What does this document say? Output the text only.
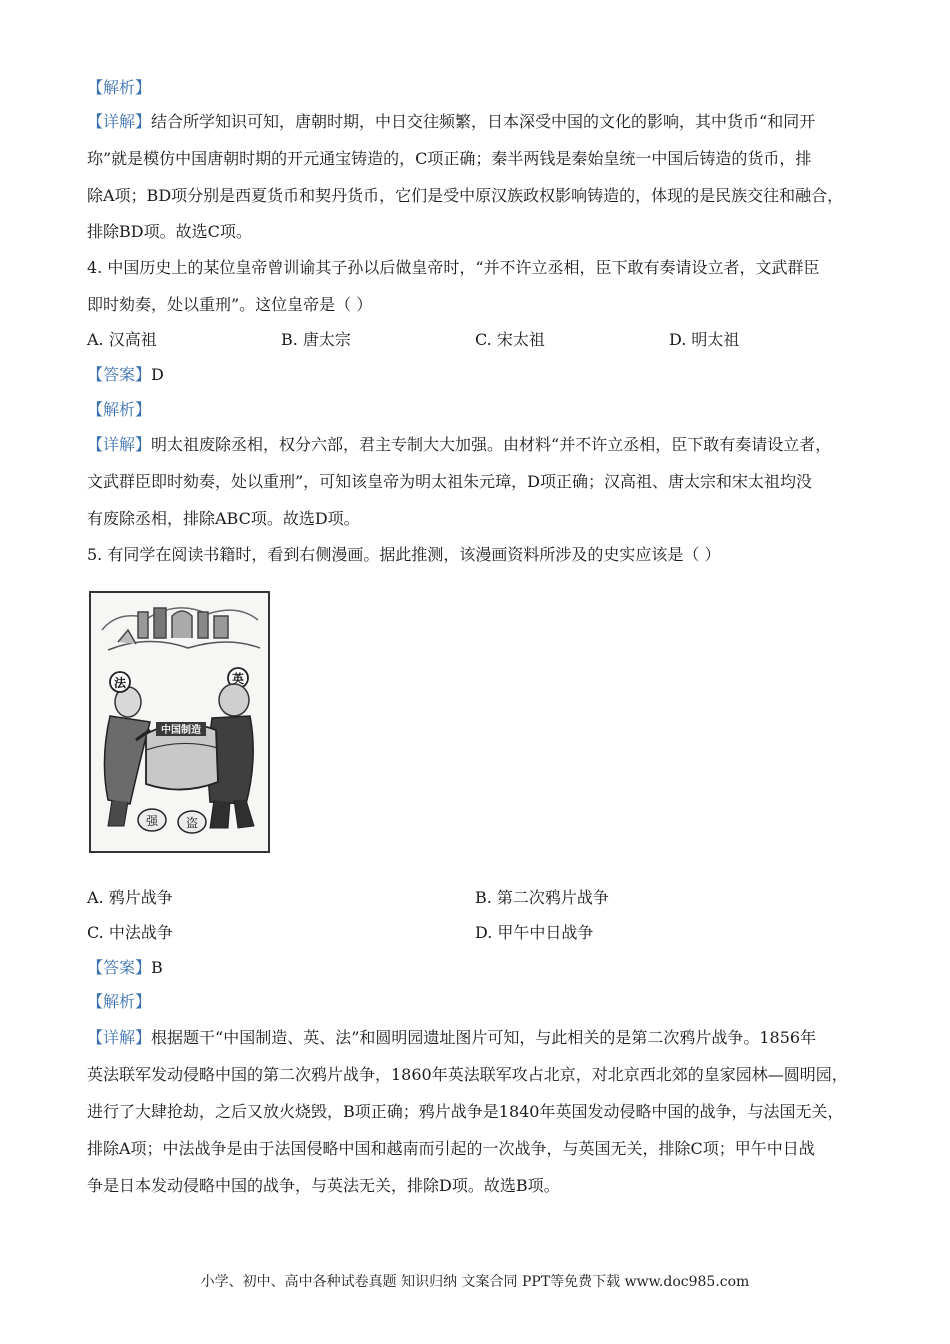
【解析】
【详解】结合所学知识可知，唐朝时期，中日交往频繁，日本深受中国的文化的影响，其中货币“和同开
珎”就是模仿中国唐朝时期的开元通宝铸造的，C项正确；秦半两钱是秦始皇统一中国后铸造的货币，排
除A项；BD项分别是西夏货币和契丹货币，它们是受中原汉族政权影响铸造的，体现的是民族交往和融合，
排除BD项。故选C项。
4. 中国历史上的某位皇帝曾训谕其子孙以后做皇帝时，“并不许立丞相，臣下敢有奏请设立者，文武群臣
即时劾奏，处以重刑”。这位皇帝是（ ）
A. 汉高祖	B. 唐太宗	C. 宋太祖	D. 明太祖
【答案】D
【解析】
【详解】明太祖废除丞相，权分六部，君主专制大大加强。由材料“并不许立丞相，臣下敢有奏请设立者，
文武群臣即时劾奏，处以重刑”，可知该皇帝为明太祖朱元璋，D项正确；汉高祖、唐太宗和宋太祖均没
有废除丞相，排除ABC项。故选D项。
5. 有同学在阅读书籍时，看到右侧漫画。据此推测，该漫画资料所涉及的史实应该是（ ）
法	英
中国制造
强 盗
A. 鸦片战争	B. 第二次鸦片战争
C. 中法战争	D. 甲午中日战争
【答案】B
【解析】
【详解】根据题干“中国制造、英、法”和圆明园遗址图片可知，与此相关的是第二次鸦片战争。1856年
英法联军发动侵略中国的第二次鸦片战争，1860年英法联军攻占北京，对北京西北郊的皇家园林—圆明园，
进行了大肆抢劫，之后又放火烧毁，B项正确；鸦片战争是1840年英国发动侵略中国的战争，与法国无关，
排除A项；中法战争是由于法国侵略中国和越南而引起的一次战争，与英国无关，排除C项；甲午中日战
争是日本发动侵略中国的战争，与英法无关，排除D项。故选B项。
小学、初中、高中各种试卷真题 知识归纳 文案合同 PPT等免费下载 www.doc985.com
